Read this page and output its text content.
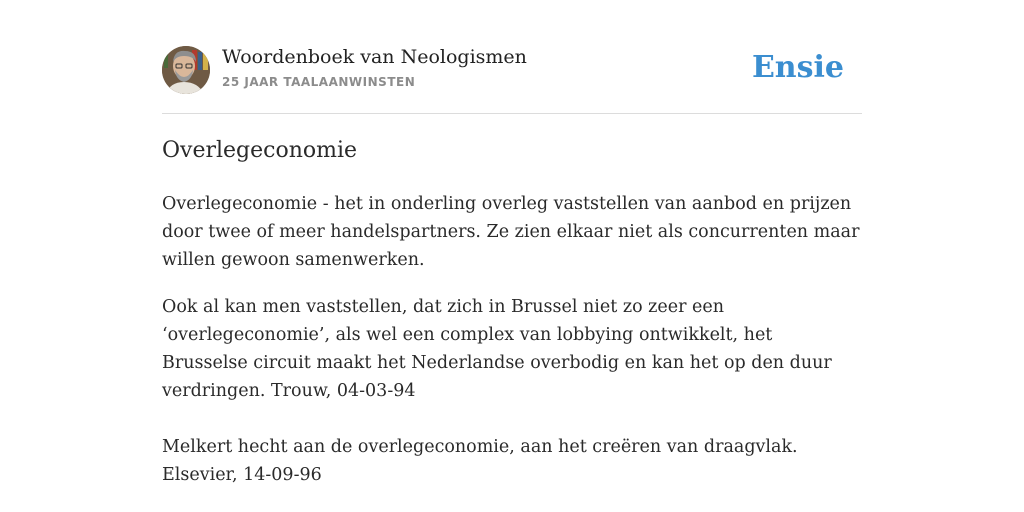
Woordenboek van Neologismen
25 JAAR TAALAANWINSTEN	Ensie
Overlegeconomie

Overlegeconomie - het in onderling overleg vaststellen van aanbod en prijzen door twee of meer handelspartners. Ze zien elkaar niet als concurrenten maar willen gewoon samenwerken.

Ook al kan men vaststellen, dat zich in Brussel niet zo zeer een ‘overlegeconomie’, als wel een complex van lobbying ontwikkelt, het Brusselse circuit maakt het Nederlandse overbodig en kan het op den duur verdringen. Trouw, 04-03-94

Melkert hecht aan de overlegeconomie, aan het creëren van draagvlak. Elsevier, 14-09-96
